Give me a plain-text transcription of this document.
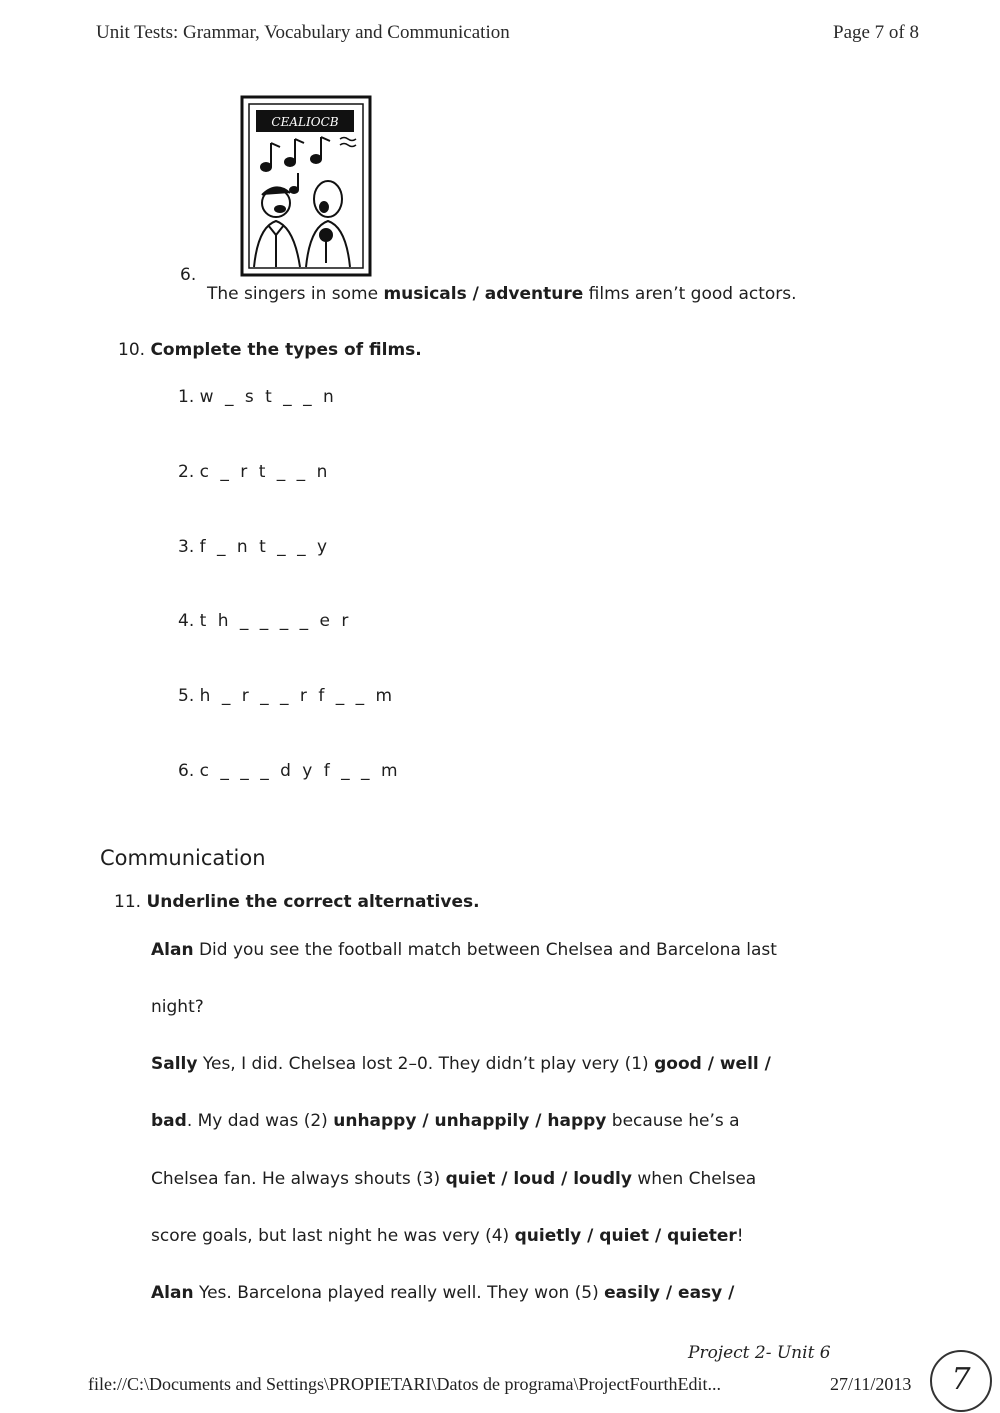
Unit Tests: Grammar, Vocabulary and Communication	Page 7 of 8
CEALIOCB
6.
The singers in some musicals / adventure films aren’t good actors.
10. Complete the types of films.
1. w _ s t _ _ n
2. c _ r t _ _ n
3. f _ n t _ _ y
4. t h _ _ _ _ e r
5. h _ r _ _ r f _ _ m
6. c _ _ _ d y f _ _ m
Communication
11. Underline the correct alternatives.
Alan Did you see the football match between Chelsea and Barcelona last
night?
Sally Yes, I did. Chelsea lost 2–0. They didn’t play very (1) good / well /
bad. My dad was (2) unhappy / unhappily / happy because he’s a
Chelsea fan. He always shouts (3) quiet / loud / loudly when Chelsea
score goals, but last night he was very (4) quietly / quiet / quieter!
Alan Yes. Barcelona played really well. They won (5) easily / easy /
Project 2- Unit 6
file://C:\Documents and Settings\PROPIETARI\Datos de programa\ProjectFourthEdit...	27/11/2013	7
